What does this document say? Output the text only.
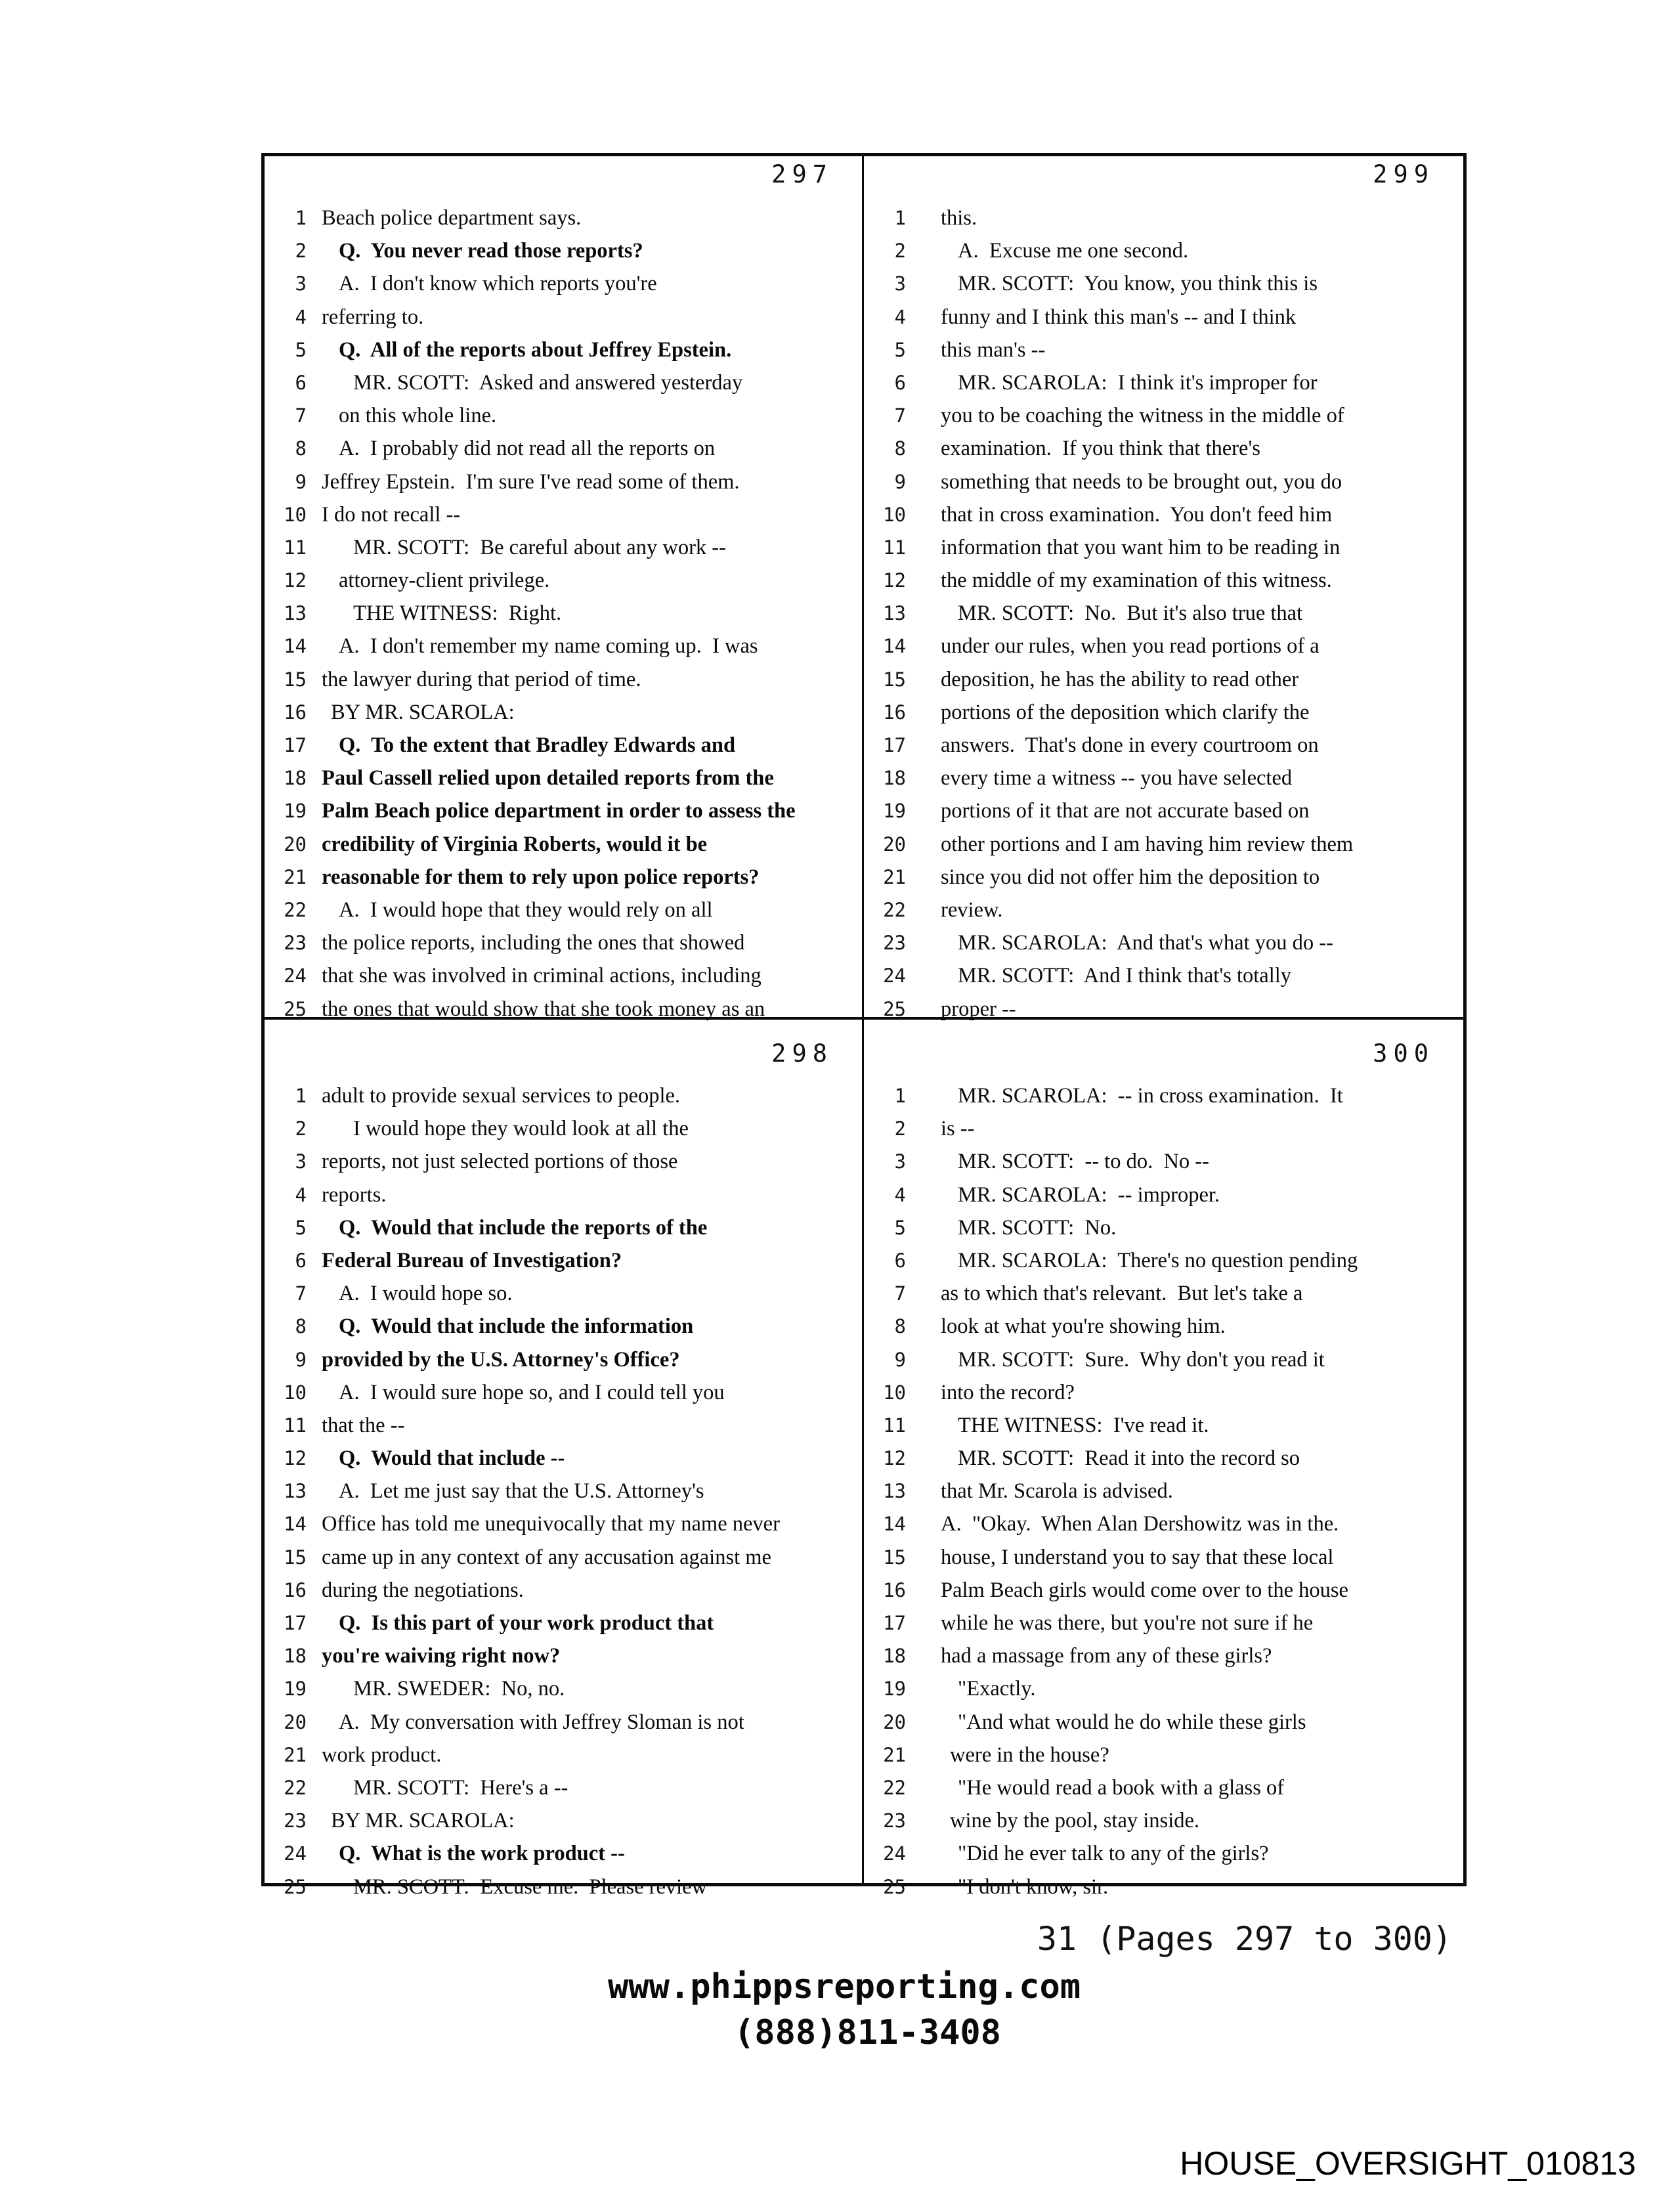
297
1 Beach police department says.
2	Q.  You never read those reports?
3	A.  I don't know which reports you're
4 referring to.
5	Q.  All of the reports about Jeffrey Epstein.
6	MR. SCOTT:  Asked and answered yesterday
7	on this whole line.
8	A.  I probably did not read all the reports on
9 Jeffrey Epstein.  I'm sure I've read some of them.
10 I do not recall --
11	MR. SCOTT:  Be careful about any work --
12	attorney-client privilege.
13	THE WITNESS:  Right.
14	A.  I don't remember my name coming up.  I was
15 the lawyer during that period of time.
16	BY MR. SCAROLA:
17	Q.  To the extent that Bradley Edwards and
18 Paul Cassell relied upon detailed reports from the
19 Palm Beach police department in order to assess the
20 credibility of Virginia Roberts, would it be
21 reasonable for them to rely upon police reports?
22	A.  I would hope that they would rely on all
23 the police reports, including the ones that showed
24 that she was involved in criminal actions, including
25 the ones that would show that she took money as an
299
1 this.
2	A.  Excuse me one second.
3	MR. SCOTT:  You know, you think this is
4 funny and I think this man's -- and I think
5 this man's --
6	MR. SCAROLA:  I think it's improper for
7 you to be coaching the witness in the middle of
8 examination.  If you think that there's
9 something that needs to be brought out, you do
10 that in cross examination.  You don't feed him
11 information that you want him to be reading in
12 the middle of my examination of this witness.
13	MR. SCOTT:  No.  But it's also true that
14 under our rules, when you read portions of a
15 deposition, he has the ability to read other
16 portions of the deposition which clarify the
17 answers.  That's done in every courtroom on
18 every time a witness -- you have selected
19 portions of it that are not accurate based on
20 other portions and I am having him review them
21 since you did not offer him the deposition to
22 review.
23	MR. SCAROLA:  And that's what you do --
24	MR. SCOTT:  And I think that's totally
25 proper --
298
1 adult to provide sexual services to people.
2	I would hope they would look at all the
3 reports, not just selected portions of those
4 reports.
5	Q.  Would that include the reports of the
6 Federal Bureau of Investigation?
7	A.  I would hope so.
8	Q.  Would that include the information
9 provided by the U.S. Attorney's Office?
10	A.  I would sure hope so, and I could tell you
11 that the --
12	Q.  Would that include --
13	A.  Let me just say that the U.S. Attorney's
14 Office has told me unequivocally that my name never
15 came up in any context of any accusation against me
16 during the negotiations.
17	Q.  Is this part of your work product that
18 you're waiving right now?
19	MR. SWEDER:  No, no.
20	A.  My conversation with Jeffrey Sloman is not
21 work product.
22	MR. SCOTT:  Here's a --
23	BY MR. SCAROLA:
24	Q.  What is the work product --
25	MR. SCOTT:  Excuse me.  Please review
300
1	MR. SCAROLA:  -- in cross examination.  It
2 is --
3	MR. SCOTT:  -- to do.  No --
4	MR. SCAROLA:  -- improper.
5	MR. SCOTT:  No.
6	MR. SCAROLA:  There's no question pending
7 as to which that's relevant.  But let's take a
8 look at what you're showing him.
9	MR. SCOTT:  Sure.  Why don't you read it
10 into the record?
11	THE WITNESS:  I've read it.
12	MR. SCOTT:  Read it into the record so
13 that Mr. Scarola is advised.
14 A.  "Okay.  When Alan Dershowitz was in the.
15 house, I understand you to say that these local
16 Palm Beach girls would come over to the house
17 while he was there, but you're not sure if he
18 had a massage from any of these girls?
19	"Exactly.
20	"And what would he do while these girls
21	were in the house?
22	"He would read a book with a glass of
23	wine by the pool, stay inside.
24	"Did he ever talk to any of the girls?
25	"I don't know, sir.
31 (Pages 297 to 300)
www.phippsreporting.com
(888)811-3408
HOUSE_OVERSIGHT_010813
